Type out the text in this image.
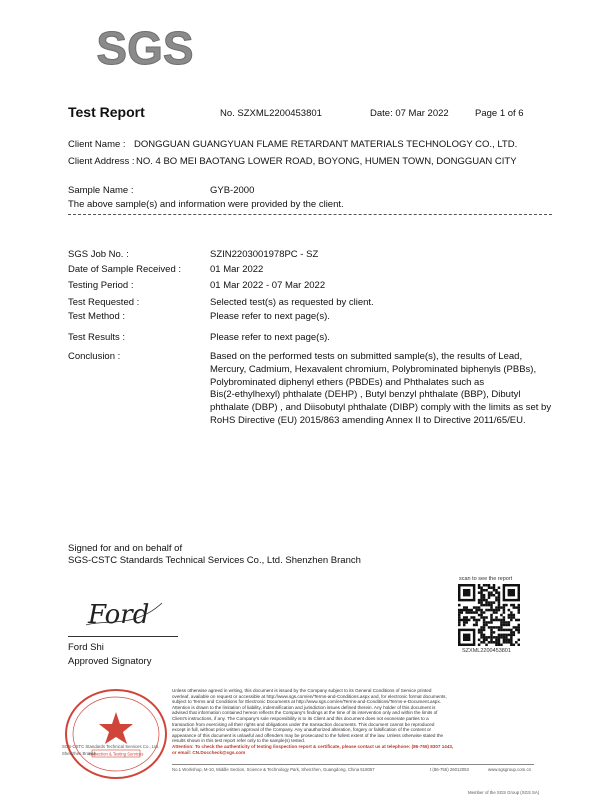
SGS
Test Report	No. SZXML2200453801	Date: 07 Mar 2022	Page 1 of 6
Client Name : DONGGUAN GUANGYUAN FLAME RETARDANT MATERIALS TECHNOLOGY CO., LTD.
Client Address : NO. 4 BO MEI BAOTANG LOWER ROAD, BOYONG, HUMEN TOWN, DONGGUAN CITY
Sample Name :	GYB-2000
The above sample(s) and information were provided by the client.
SGS Job No. :	SZIN2203001978PC - SZ
Date of Sample Received :	01 Mar 2022
Testing Period :	01 Mar 2022 - 07 Mar 2022
Test Requested :	Selected test(s) as requested by client.
Test Method :	Please refer to next page(s).
Test Results :	Please refer to next page(s).
Conclusion :	Based on the performed tests on submitted sample(s), the results of Lead,
Mercury, Cadmium, Hexavalent chromium, Polybrominated biphenyls (PBBs),
Polybrominated diphenyl ethers (PBDEs) and Phthalates such as
Bis(2-ethylhexyl) phthalate (DEHP) , Butyl benzyl phthalate (BBP), Dibutyl
phthalate (DBP) , and Diisobutyl phthalate (DIBP) comply with the limits as set by
RoHS Directive (EU) 2015/863 amending Annex II to Directive 2011/65/EU.
Signed for and on behalf of
SGS-CSTC Standards Technical Services Co., Ltd. Shenzhen Branch
Ford
Ford Shi
Approved Signatory
scan to see the report
SZXML2200453801
Inspection & Testing Services
SGS-CSTC Standards Technical Services Co., Ltd.
Shenzhen Branch
Unless otherwise agreed in writing, this document is issued by the Company subject to its General Conditions of Service printed
overleaf, available on request or accessible at http://www.sgs.com/en/Terms-and-Conditions.aspx and, for electronic format documents,
subject to Terms and Conditions for Electronic Documents at http://www.sgs.com/en/Terms-and-Conditions/Terms-e-Document.aspx.
Attention is drawn to the limitation of liability, indemnification and jurisdiction issues defined therein. Any holder of this document is
advised that information contained hereon reflects the Company's findings at the time of its intervention only and within the limits of
Client's instructions, if any. The Company's sole responsibility is to its Client and this document does not exonerate parties to a
transaction from exercising all their rights and obligations under the transaction documents. This document cannot be reproduced
except in full, without prior written approval of the Company. Any unauthorized alteration, forgery or falsification of the content or
appearance of this document is unlawful and offenders may be prosecuted to the fullest extent of the law. Unless otherwise stated the
results shown in this test report refer only to the sample(s) tested.
Attention: To check the authenticity of testing /inspection report & certificate, please contact us at telephone: (86-755) 8307 1443,
or email: CN.Doccheck@sgs.com
No.1 Workshop, M-10, Middle Section, Science & Technology Park, Shenzhen, Guangdong, China 518057	t (86-755) 26012053	www.sgsgroup.com.cn
Member of the SGS Group (SGS SA)
